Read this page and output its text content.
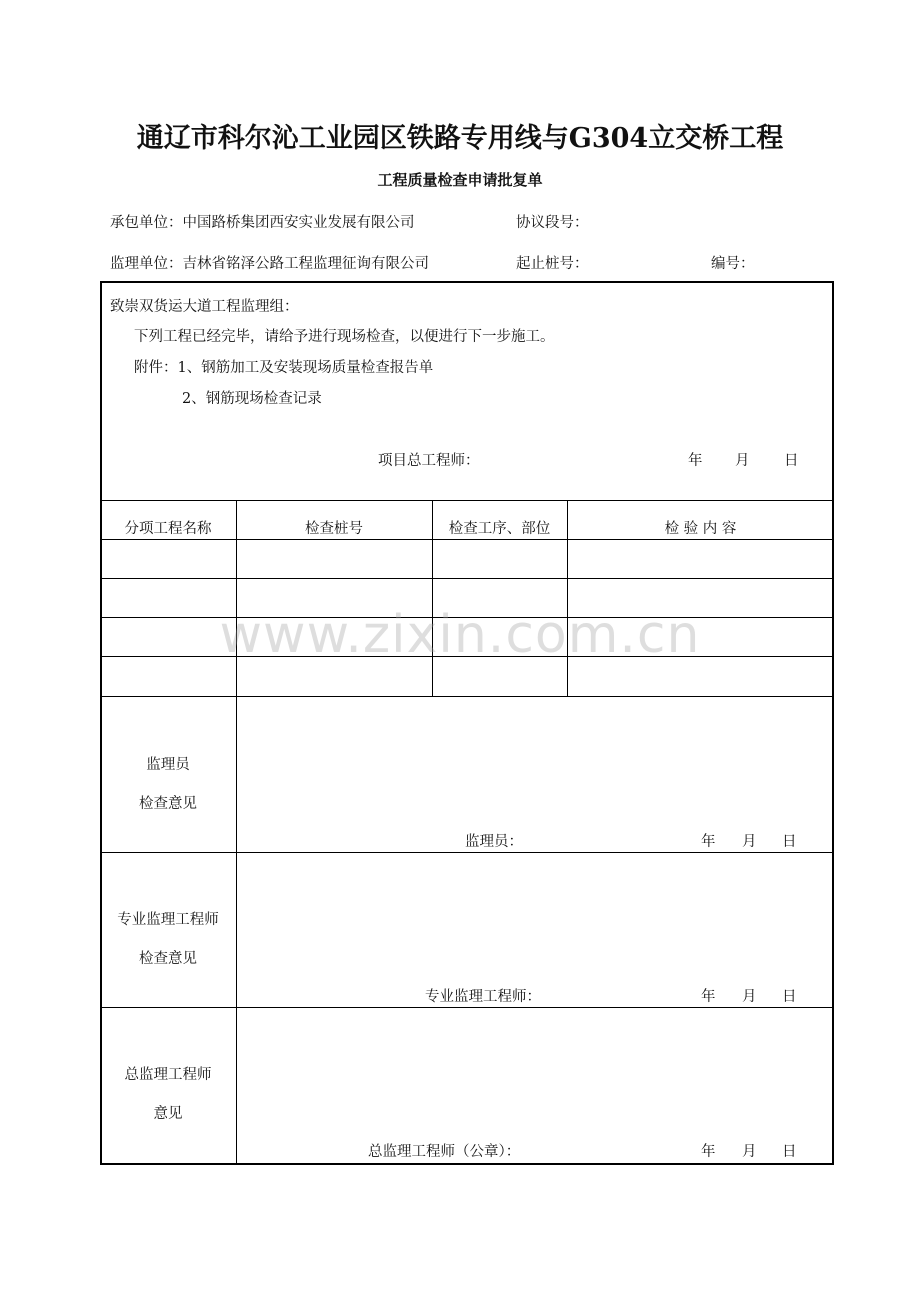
通辽市科尔沁工业园区铁路专用线与G304立交桥工程
工程质量检查申请批复单
承包单位：中国路桥集团西安实业发展有限公司	协议段号：
监理单位：吉林省铭泽公路工程监理征询有限公司	起止桩号：	编号：
致崇双货运大道工程监理组：
下列工程已经完毕，请给予进行现场检查，以便进行下一步施工。
附件：1、钢筋加工及安装现场质量检查报告单
2、钢筋现场检查记录
项目总工程师：	年 月 日
分项工程名称	检查桩号	检查工序、部位	检 验 内 容
监理员
检查意见
监理员：	年 月 日
专业监理工程师
检查意见
专业监理工程师：	年 月 日
总监理工程师
意见
总监理工程师（公章）：	年 月 日
www.zixin.com.cn
